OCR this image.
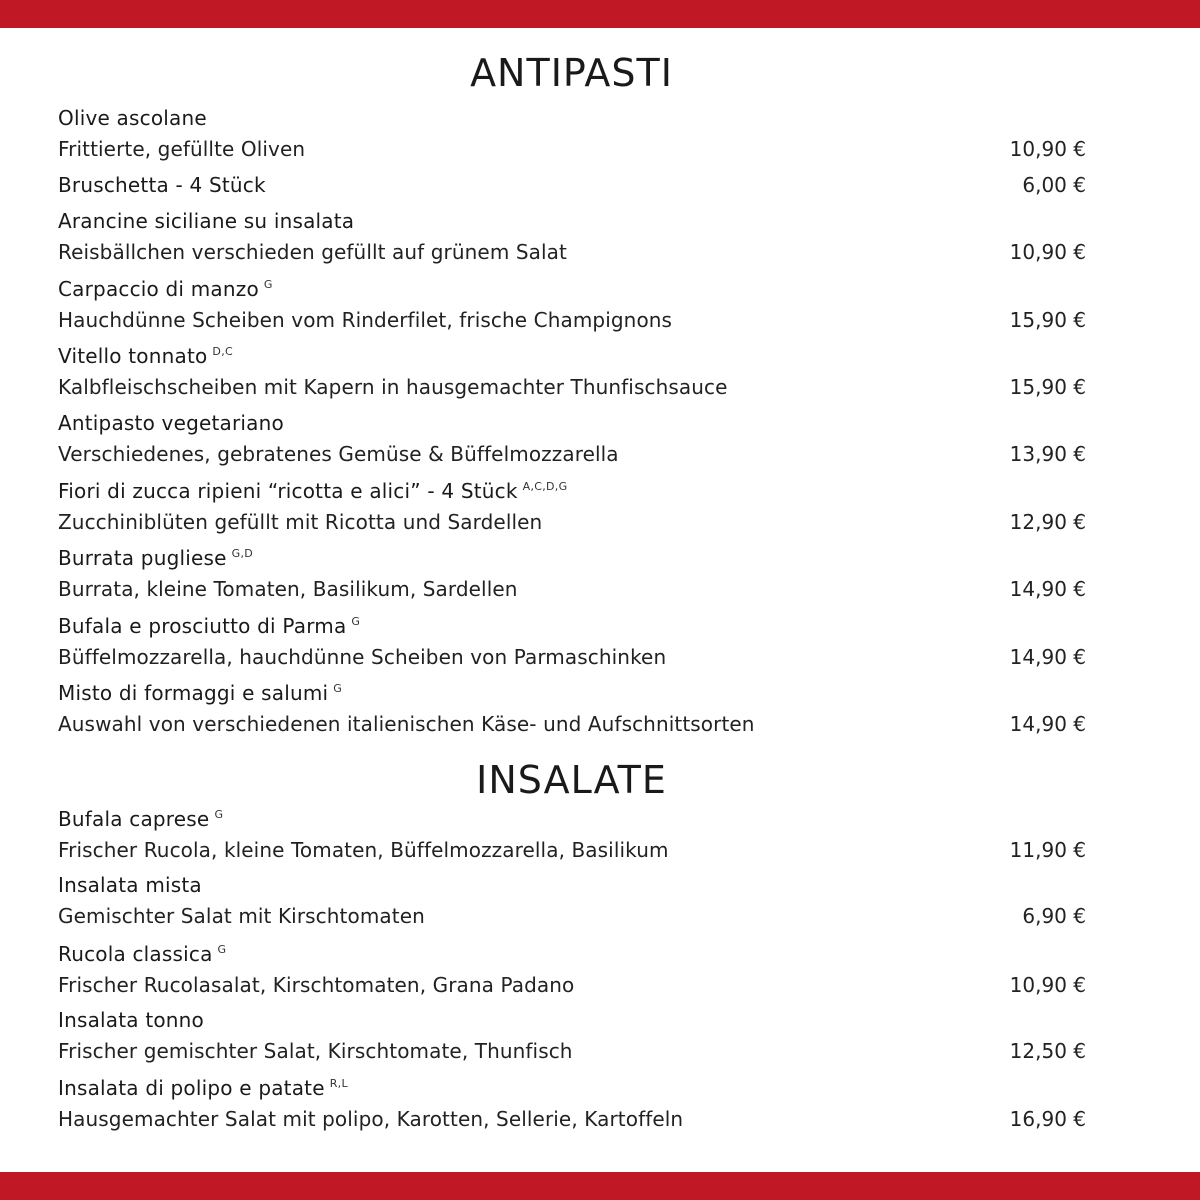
ANTIPASTI
Olive ascolane
Frittierte, gefüllte Oliven	10,90 €
Bruschetta - 4 Stück	6,00 €
Arancine siciliane su insalata
Reisbällchen verschieden gefüllt auf grünem Salat	10,90 €
Carpaccio di manzo $^G$
Hauchdünne Scheiben vom Rinderfilet, frische Champignons	15,90 €
Vitello tonnato $^{D,C}$
Kalbfleischscheiben mit Kapern in hausgemachter Thunfischsauce	15,90 €
Antipasto vegetariano
Verschiedenes, gebratenes Gemüse & Büffelmozzarella	13,90 €
Fiori di zucca ripieni “ricotta e alici” - 4 Stück $^{A,C,D,G}$
Zucchiniblüten gefüllt mit Ricotta und Sardellen	12,90 €
Burrata pugliese $^{G,D}$
Burrata, kleine Tomaten, Basilikum, Sardellen	14,90 €
Bufala e prosciutto di Parma $^G$
Büffelmozzarella, hauchdünne Scheiben von Parmaschinken	14,90 €
Misto di formaggi e salumi $^G$
Auswahl von verschiedenen italienischen Käse- und Aufschnittsorten	14,90 €
INSALATE
Bufala caprese $^G$
Frischer Rucola, kleine Tomaten, Büffelmozzarella, Basilikum	11,90 €
Insalata mista
Gemischter Salat mit Kirschtomaten	6,90 €
Rucola classica $^G$
Frischer Rucolasalat, Kirschtomaten, Grana Padano	10,90 €
Insalata tonno
Frischer gemischter Salat, Kirschtomate, Thunfisch	12,50 €
Insalata di polipo e patate $^{R,L}$
Hausgemachter Salat mit polipo, Karotten, Sellerie, Kartoffeln	16,90 €
